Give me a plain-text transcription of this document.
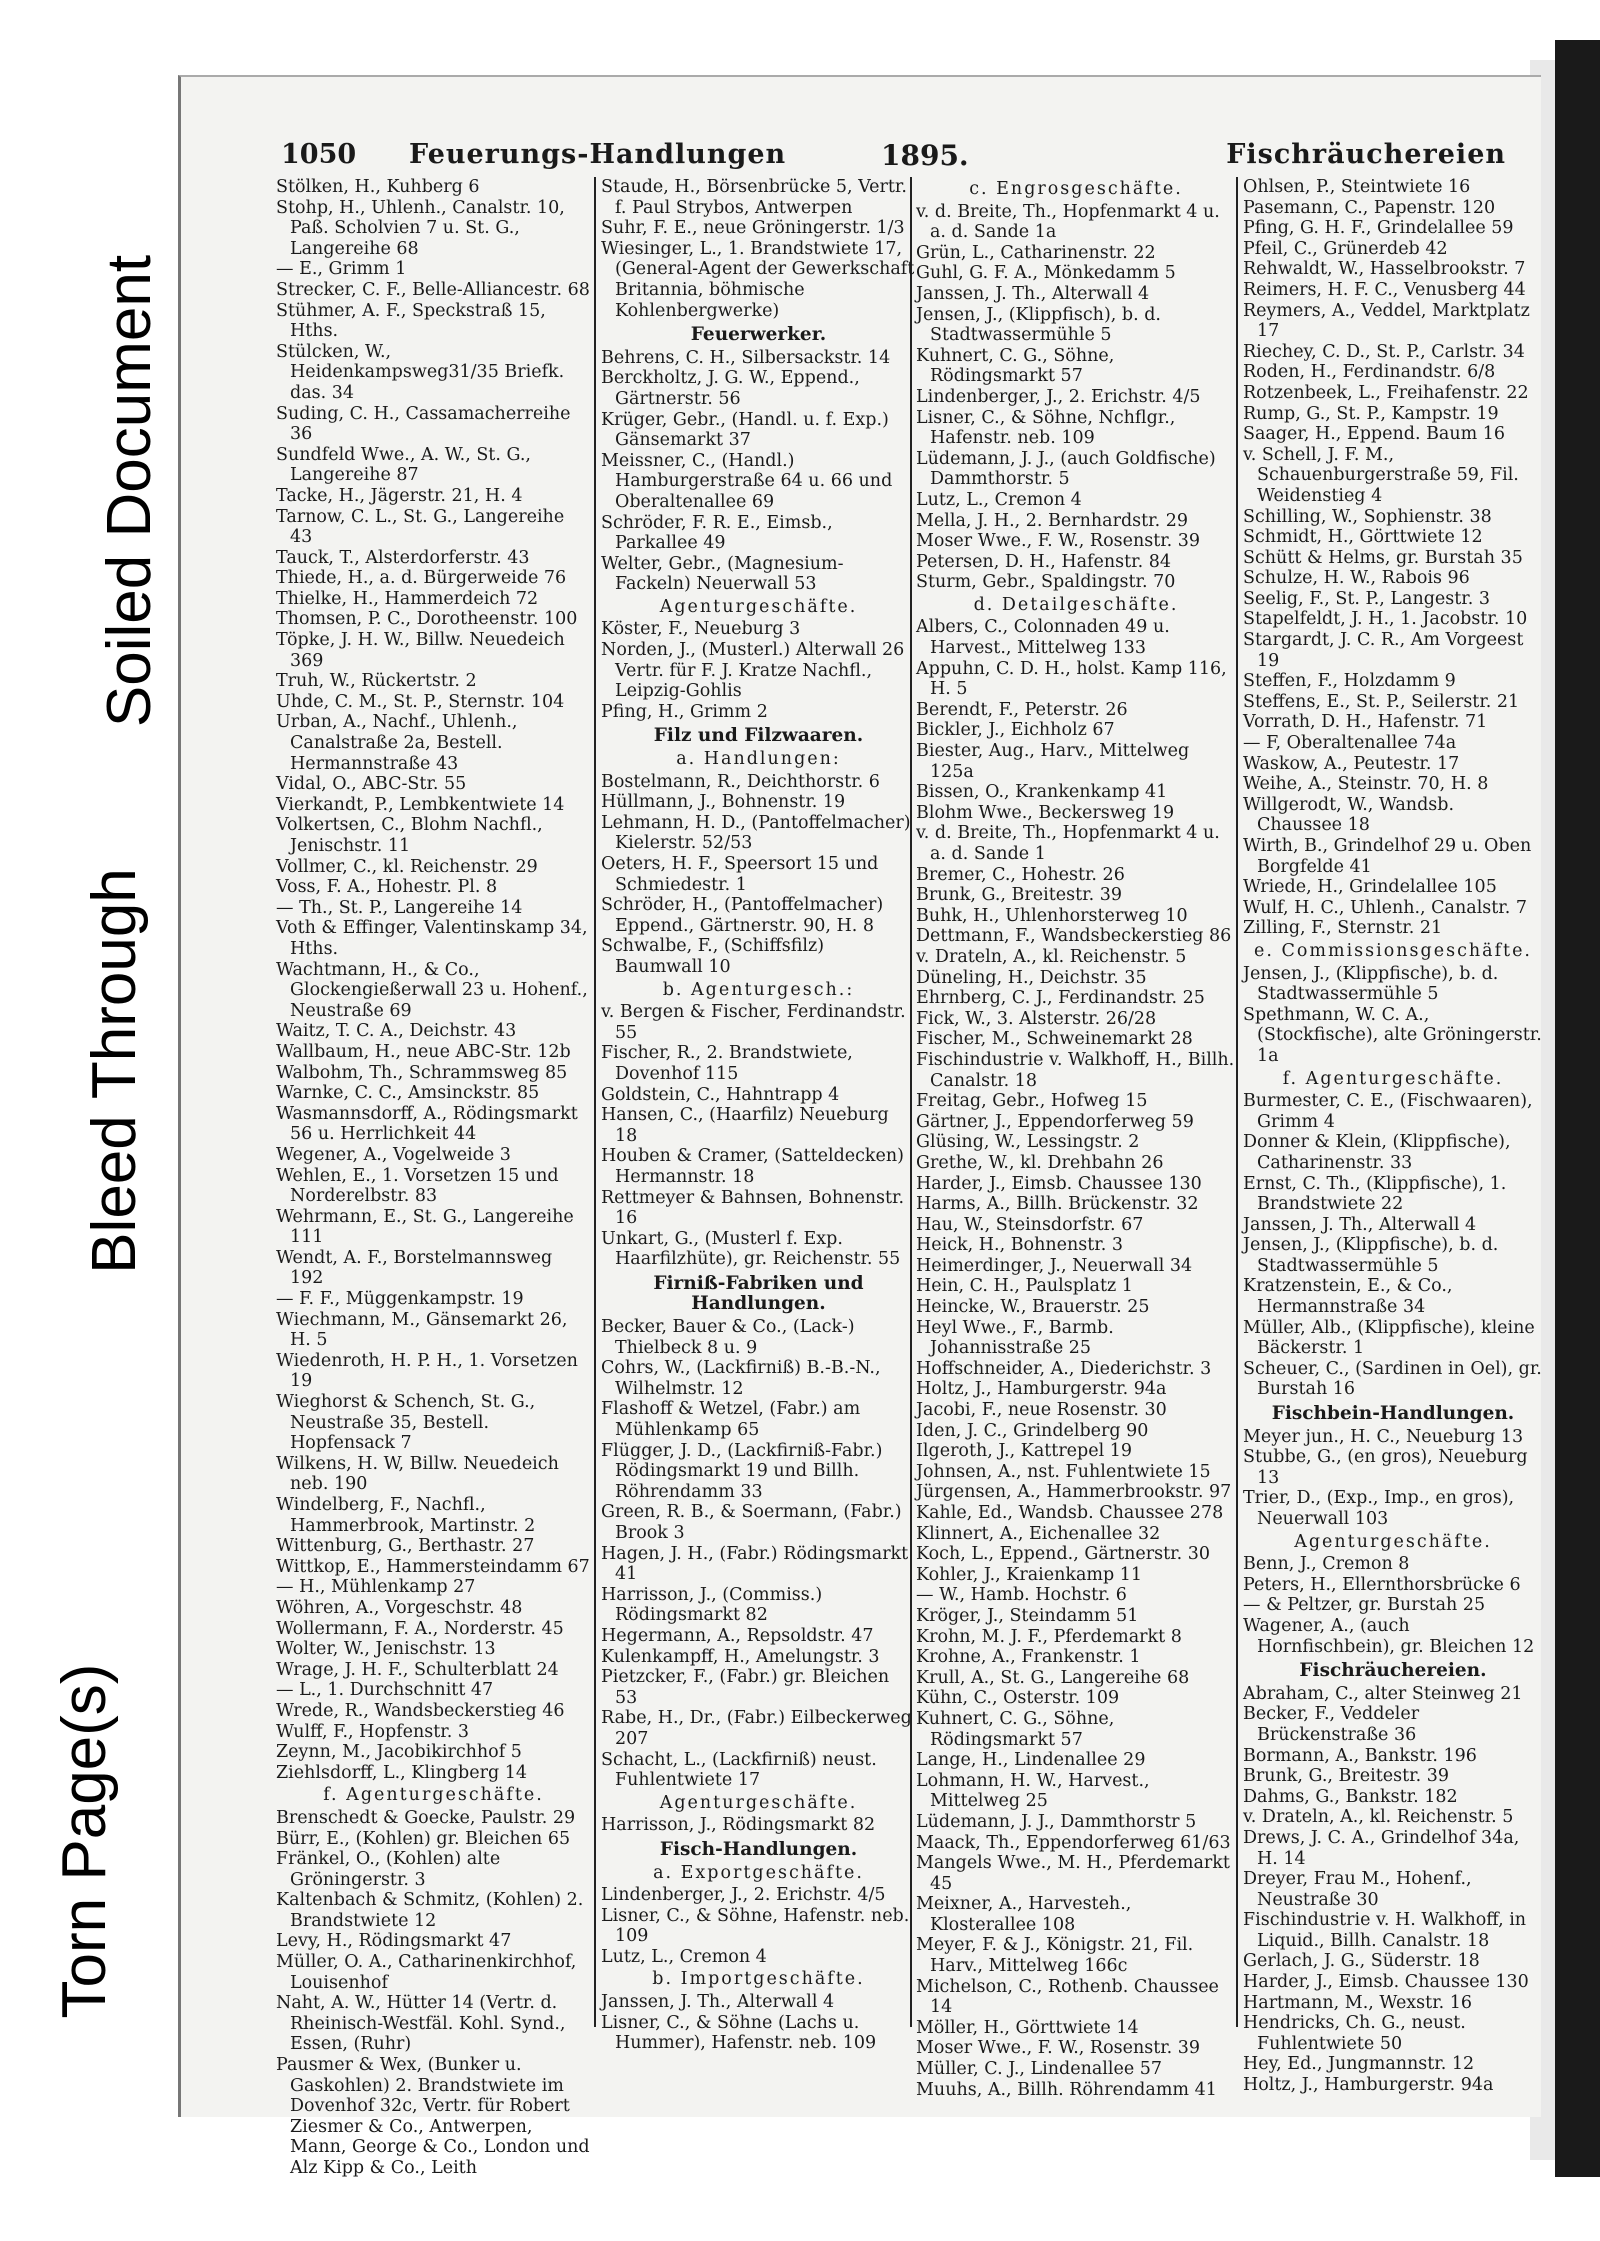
Torn Page(s)
Bleed Through
Soiled Document
1050 Feuerungs-Handlungen	1895.	Fischräuchereien

Stölken, H., Kuhberg 6

Stohp, H., Uhlenh., Canalstr. 10, Paß. Scholvien 7 u. St. G., Langereihe 68

— E., Grimm 1

Strecker, C. F., Belle-Alliancestr. 68

Stühmer, A. F., Speckstraß 15, Hths.

Stülcken, W., Heidenkampsweg31/35 Briefk. das. 34

Suding, C. H., Cassamacherreihe 36

Sundfeld Wwe., A. W., St. G., Langereihe 87

Tacke, H., Jägerstr. 21, H. 4

Tarnow, C. L., St. G., Langereihe 43

Tauck, T., Alsterdorferstr. 43

Thiede, H., a. d. Bürgerweide 76

Thielke, H., Hammerdeich 72

Thomsen, P. C., Dorotheenstr. 100

Töpke, J. H. W., Billw. Neuedeich 369

Truh, W., Rückertstr. 2

Uhde, C. M., St. P., Sternstr. 104

Urban, A., Nachf., Uhlenh., Canalstraße 2a, Bestell. Hermannstraße 43

Vidal, O., ABC-Str. 55

Vierkandt, P., Lembkentwiete 14

Volkertsen, C., Blohm Nachfl., Jenischstr. 11

Vollmer, C., kl. Reichenstr. 29

Voss, F. A., Hohestr. Pl. 8

— Th., St. P., Langereihe 14

Voth & Effinger, Valentinskamp 34, Hths.

Wachtmann, H., & Co., Glockengießerwall 23 u. Hohenf., Neustraße 69

Waitz, T. C. A., Deichstr. 43

Wallbaum, H., neue ABC-Str. 12b

Walbohm, Th., Schrammsweg 85

Warnke, C. C., Amsinckstr. 85

Wasmannsdorff, A., Rödingsmarkt 56 u. Herrlichkeit 44

Wegener, A., Vogelweide 3

Wehlen, E., 1. Vorsetzen 15 und Norderelbstr. 83

Wehrmann, E., St. G., Langereihe 111

Wendt, A. F., Borstelmannsweg 192

— F. F., Müggenkampstr. 19

Wiechmann, M., Gänsemarkt 26, H. 5

Wiedenroth, H. P. H., 1. Vorsetzen 19

Wieghorst & Schench, St. G., Neustraße 35, Bestell. Hopfensack 7

Wilkens, H. W, Billw. Neuedeich neb. 190

Windelberg, F., Nachfl., Hammerbrook, Martinstr. 2

Wittenburg, G., Berthastr. 27

Wittkop, E., Hammersteindamm 67

— H., Mühlenkamp 27

Wöhren, A., Vorgeschstr. 48

Wollermann, F. A., Norderstr. 45

Wolter, W., Jenischstr. 13

Wrage, J. H. F., Schulterblatt 24

— L., 1. Durchschnitt 47

Wrede, R., Wandsbeckerstieg 46

Wulff, F., Hopfenstr. 3

Zeynn, M., Jacobikirchhof 5

Ziehlsdorff, L., Klingberg 14

f. Agenturgeschäfte.

Brenschedt & Goecke, Paulstr. 29

Bürr, E., (Kohlen) gr. Bleichen 65

Fränkel, O., (Kohlen) alte Gröningerstr. 3

Kaltenbach & Schmitz, (Kohlen) 2. Brandstwiete 12

Levy, H., Rödingsmarkt 47

Müller, O. A., Catharinenkirchhof, Louisenhof

Naht, A. W., Hütter 14 (Vertr. d. Rheinisch-Westfäl. Kohl. Synd., Essen, (Ruhr)

Pausmer & Wex, (Bunker u. Gaskohlen) 2. Brandstwiete im Dovenhof 32c, Vertr. für Robert Ziesmer & Co., Antwerpen, Mann, George & Co., London und Alz Kipp & Co., Leith

Staude, H., Börsenbrücke 5, Vertr. f. Paul Strybos, Antwerpen

Suhr, F. E., neue Gröningerstr. 1/3

Wiesinger, L., 1. Brandstwiete 17, (General-Agent der Gewerkschaft Britannia, böhmische Kohlenbergwerke)

Feuerwerker.

Behrens, C. H., Silbersackstr. 14

Berckholtz, J. G. W., Eppend., Gärtnerstr. 56

Krüger, Gebr., (Handl. u. f. Exp.) Gänsemarkt 37

Meissner, C., (Handl.) Hamburgerstraße 64 u. 66 und Oberaltenallee 69

Schröder, F. R. E., Eimsb., Parkallee 49

Welter, Gebr., (Magnesium-Fackeln) Neuerwall 53

Agenturgeschäfte.

Köster, F., Neueburg 3

Norden, J., (Musterl.) Alterwall 26 Vertr. für F. J. Kratze Nachfl., Leipzig-Gohlis

Pfing, H., Grimm 2

Filz und Filzwaaren.

a. Handlungen:

Bostelmann, R., Deichthorstr. 6

Hüllmann, J., Bohnenstr. 19

Lehmann, H. D., (Pantoffelmacher) Kielerstr. 52/53

Oeters, H. F., Speersort 15 und Schmiedestr. 1

Schröder, H., (Pantoffelmacher) Eppend., Gärtnerstr. 90, H. 8

Schwalbe, F., (Schiffsfilz) Baumwall 10

b. Agenturgesch.:

v. Bergen & Fischer, Ferdinandstr. 55

Fischer, R., 2. Brandstwiete, Dovenhof 115

Goldstein, C., Hahntrapp 4

Hansen, C., (Haarfilz) Neueburg 18

Houben & Cramer, (Satteldecken) Hermannstr. 18

Rettmeyer & Bahnsen, Bohnenstr. 16

Unkart, G., (Musterl f. Exp. Haarfilzhüte), gr. Reichenstr. 55

Firniß-Fabriken und Handlungen.

Becker, Bauer & Co., (Lack-) Thielbeck 8 u. 9

Cohrs, W., (Lackfirniß) B.-B.-N., Wilhelmstr. 12

Flashoff & Wetzel, (Fabr.) am Mühlenkamp 65

Flügger, J. D., (Lackfirniß-Fabr.) Rödingsmarkt 19 und Billh. Röhrendamm 33

Green, R. B., & Soermann, (Fabr.) Brook 3

Hagen, J. H., (Fabr.) Rödingsmarkt 41

Harrisson, J., (Commiss.) Rödingsmarkt 82

Hegermann, A., Repsoldstr. 47

Kulenkampff, H., Amelungstr. 3

Pietzcker, F., (Fabr.) gr. Bleichen 53

Rabe, H., Dr., (Fabr.) Eilbeckerweg 207

Schacht, L., (Lackfirniß) neust. Fuhlentwiete 17

Agenturgeschäfte.

Harrisson, J., Rödingsmarkt 82

Fisch-Handlungen.

a. Exportgeschäfte.

Lindenberger, J., 2. Erichstr. 4/5

Lisner, C., & Söhne, Hafenstr. neb. 109

Lutz, L., Cremon 4

b. Importgeschäfte.

Janssen, J. Th., Alterwall 4

Lisner, C., & Söhne (Lachs u. Hummer), Hafenstr. neb. 109

c. Engrosgeschäfte.

v. d. Breite, Th., Hopfenmarkt 4 u. a. d. Sande 1a

Grün, L., Catharinenstr. 22

Guhl, G. F. A., Mönkedamm 5

Janssen, J. Th., Alterwall 4

Jensen, J., (Klippfisch), b. d. Stadtwassermühle 5

Kuhnert, C. G., Söhne, Rödingsmarkt 57

Lindenberger, J., 2. Erichstr. 4/5

Lisner, C., & Söhne, Nchflgr., Hafenstr. neb. 109

Lüdemann, J. J., (auch Goldfische) Dammthorstr. 5

Lutz, L., Cremon 4

Mella, J. H., 2. Bernhardstr. 29

Moser Wwe., F. W., Rosenstr. 39

Petersen, D. H., Hafenstr. 84

Sturm, Gebr., Spaldingstr. 70

d. Detailgeschäfte.

Albers, C., Colonnaden 49 u. Harvest., Mittelweg 133

Appuhn, C. D. H., holst. Kamp 116, H. 5

Berendt, F., Peterstr. 26

Bickler, J., Eichholz 67

Biester, Aug., Harv., Mittelweg 125a

Bissen, O., Krankenkamp 41

Blohm Wwe., Beckersweg 19

v. d. Breite, Th., Hopfenmarkt 4 u. a. d. Sande 1

Bremer, C., Hohestr. 26

Brunk, G., Breitestr. 39

Buhk, H., Uhlenhorsterweg 10

Dettmann, F., Wandsbeckerstieg 86

v. Drateln, A., kl. Reichenstr. 5

Düneling, H., Deichstr. 35

Ehrnberg, C. J., Ferdinandstr. 25

Fick, W., 3. Alsterstr. 26/28

Fischer, M., Schweinemarkt 28

Fischindustrie v. Walkhoff, H., Billh. Canalstr. 18

Freitag, Gebr., Hofweg 15

Gärtner, J., Eppendorferweg 59

Glüsing, W., Lessingstr. 2

Grethe, W., kl. Drehbahn 26

Harder, J., Eimsb. Chaussee 130

Harms, A., Billh. Brückenstr. 32

Hau, W., Steinsdorfstr. 67

Heick, H., Bohnenstr. 3

Heimerdinger, J., Neuerwall 34

Hein, C. H., Paulsplatz 1

Heincke, W., Brauerstr. 25

Heyl Wwe., F., Barmb. Johannisstraße 25

Hoffschneider, A., Diederichstr. 3

Holtz, J., Hamburgerstr. 94a

Jacobi, F., neue Rosenstr. 30

Iden, J. C., Grindelberg 90

Ilgeroth, J., Kattrepel 19

Johnsen, A., nst. Fuhlentwiete 15

Jürgensen, A., Hammerbrookstr. 97

Kahle, Ed., Wandsb. Chaussee 278

Klinnert, A., Eichenallee 32

Koch, L., Eppend., Gärtnerstr. 30

Kohler, J., Kraienkamp 11

— W., Hamb. Hochstr. 6

Kröger, J., Steindamm 51

Krohn, M. J. F., Pferdemarkt 8

Krohne, A., Frankenstr. 1

Krull, A., St. G., Langereihe 68

Kühn, C., Osterstr. 109

Kuhnert, C. G., Söhne, Rödingsmarkt 57

Lange, H., Lindenallee 29

Lohmann, H. W., Harvest., Mittelweg 25

Lüdemann, J. J., Dammthorstr 5

Maack, Th., Eppendorferweg 61/63

Mangels Wwe., M. H., Pferdemarkt 45

Meixner, A., Harvesteh., Klosterallee 108

Meyer, F. & J., Königstr. 21, Fil. Harv., Mittelweg 166c

Michelson, C., Rothenb. Chaussee 14

Möller, H., Görttwiete 14

Moser Wwe., F. W., Rosenstr. 39

Müller, C. J., Lindenallee 57

Muuhs, A., Billh. Röhrendamm 41

Ohlsen, P., Steintwiete 16

Pasemann, C., Papenstr. 120

Pfing, G. H. F., Grindelallee 59

Pfeil, C., Grünerdeb 42

Rehwaldt, W., Hasselbrookstr. 7

Reimers, H. F. C., Venusberg 44

Reymers, A., Veddel, Marktplatz 17

Riechey, C. D., St. P., Carlstr. 34

Roden, H., Ferdinandstr. 6/8

Rotzenbeek, L., Freihafenstr. 22

Rump, G., St. P., Kampstr. 19

Saager, H., Eppend. Baum 16

v. Schell, J. F. M., Schauenburgerstraße 59, Fil. Weidenstieg 4

Schilling, W., Sophienstr. 38

Schmidt, H., Görttwiete 12

Schütt & Helms, gr. Burstah 35

Schulze, H. W., Rabois 96

Seelig, F., St. P., Langestr. 3

Stapelfeldt, J. H., 1. Jacobstr. 10

Stargardt, J. C. R., Am Vorgeest 19

Steffen, F., Holzdamm 9

Steffens, E., St. P., Seilerstr. 21

Vorrath, D. H., Hafenstr. 71

— F, Oberaltenallee 74a

Waskow, A., Peutestr. 17

Weihe, A., Steinstr. 70, H. 8

Willgerodt, W., Wandsb. Chaussee 18

Wirth, B., Grindelhof 29 u. Oben Borgfelde 41

Wriede, H., Grindelallee 105

Wulf, H. C., Uhlenh., Canalstr. 7

Zilling, F., Sternstr. 21

e. Commissionsgeschäfte.

Jensen, J., (Klippfische), b. d. Stadtwassermühle 5

Spethmann, W. C. A., (Stockfische), alte Gröningerstr. 1a

f. Agenturgeschäfte.

Burmester, C. E., (Fischwaaren), Grimm 4

Donner & Klein, (Klippfische), Catharinenstr. 33

Ernst, C. Th., (Klippfische), 1. Brandstwiete 22

Janssen, J. Th., Alterwall 4

Jensen, J., (Klippfische), b. d. Stadtwassermühle 5

Kratzenstein, E., & Co., Hermannstraße 34

Müller, Alb., (Klippfische), kleine Bäckerstr. 1

Scheuer, C., (Sardinen in Oel), gr. Burstah 16

Fischbein-Handlungen.

Meyer jun., H. C., Neueburg 13

Stubbe, G., (en gros), Neueburg 13

Trier, D., (Exp., Imp., en gros), Neuerwall 103

Agenturgeschäfte.

Benn, J., Cremon 8

Peters, H., Ellernthorsbrücke 6

— & Peltzer, gr. Burstah 25

Wagener, A., (auch Hornfischbein), gr. Bleichen 12

Fischräuchereien.

Abraham, C., alter Steinweg 21

Becker, F., Veddeler Brückenstraße 36

Bormann, A., Bankstr. 196

Brunk, G., Breitestr. 39

Dahms, G., Bankstr. 182

v. Drateln, A., kl. Reichenstr. 5

Drews, J. C. A., Grindelhof 34a, H. 14

Dreyer, Frau M., Hohenf., Neustraße 30

Fischindustrie v. H. Walkhoff, in Liquid., Billh. Canalstr. 18

Gerlach, J. G., Süderstr. 18

Harder, J., Eimsb. Chaussee 130

Hartmann, M., Wexstr. 16

Hendricks, Ch. G., neust. Fuhlentwiete 50

Hey, Ed., Jungmannstr. 12

Holtz, J., Hamburgerstr. 94a
